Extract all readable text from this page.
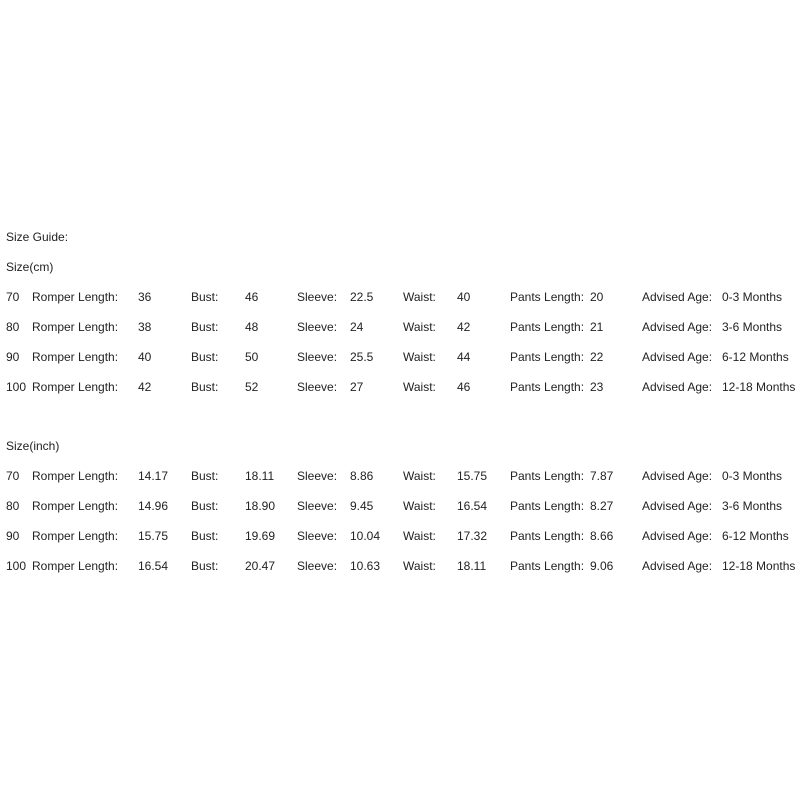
Size Guide:
Size(cm)
70 Romper Length: 36	Bust: 46	Sleeve: 22.5 Waist: 40	Pants Length: 20	Advised Age: 0-3 Months
80 Romper Length: 38	Bust: 48	Sleeve: 24	Waist: 42	Pants Length: 21	Advised Age: 3-6 Months
90 Romper Length: 40	Bust: 50	Sleeve: 25.5 Waist: 44	Pants Length: 22	Advised Age: 6-12 Months
100 Romper Length: 42	Bust: 52	Sleeve: 27	Waist: 46	Pants Length: 23	Advised Age: 12-18 Months
Size(inch)
70 Romper Length: 14.17 Bust: 18.11 Sleeve: 8.86 Waist: 15.75 Pants Length: 7.87 Advised Age: 0-3 Months
80 Romper Length: 14.96 Bust: 18.90 Sleeve: 9.45 Waist: 16.54 Pants Length: 8.27 Advised Age: 3-6 Months
90 Romper Length: 15.75 Bust: 19.69 Sleeve: 10.04 Waist: 17.32 Pants Length: 8.66 Advised Age: 6-12 Months
100 Romper Length: 16.54 Bust: 20.47 Sleeve: 10.63 Waist: 18.11 Pants Length: 9.06 Advised Age: 12-18 Months
